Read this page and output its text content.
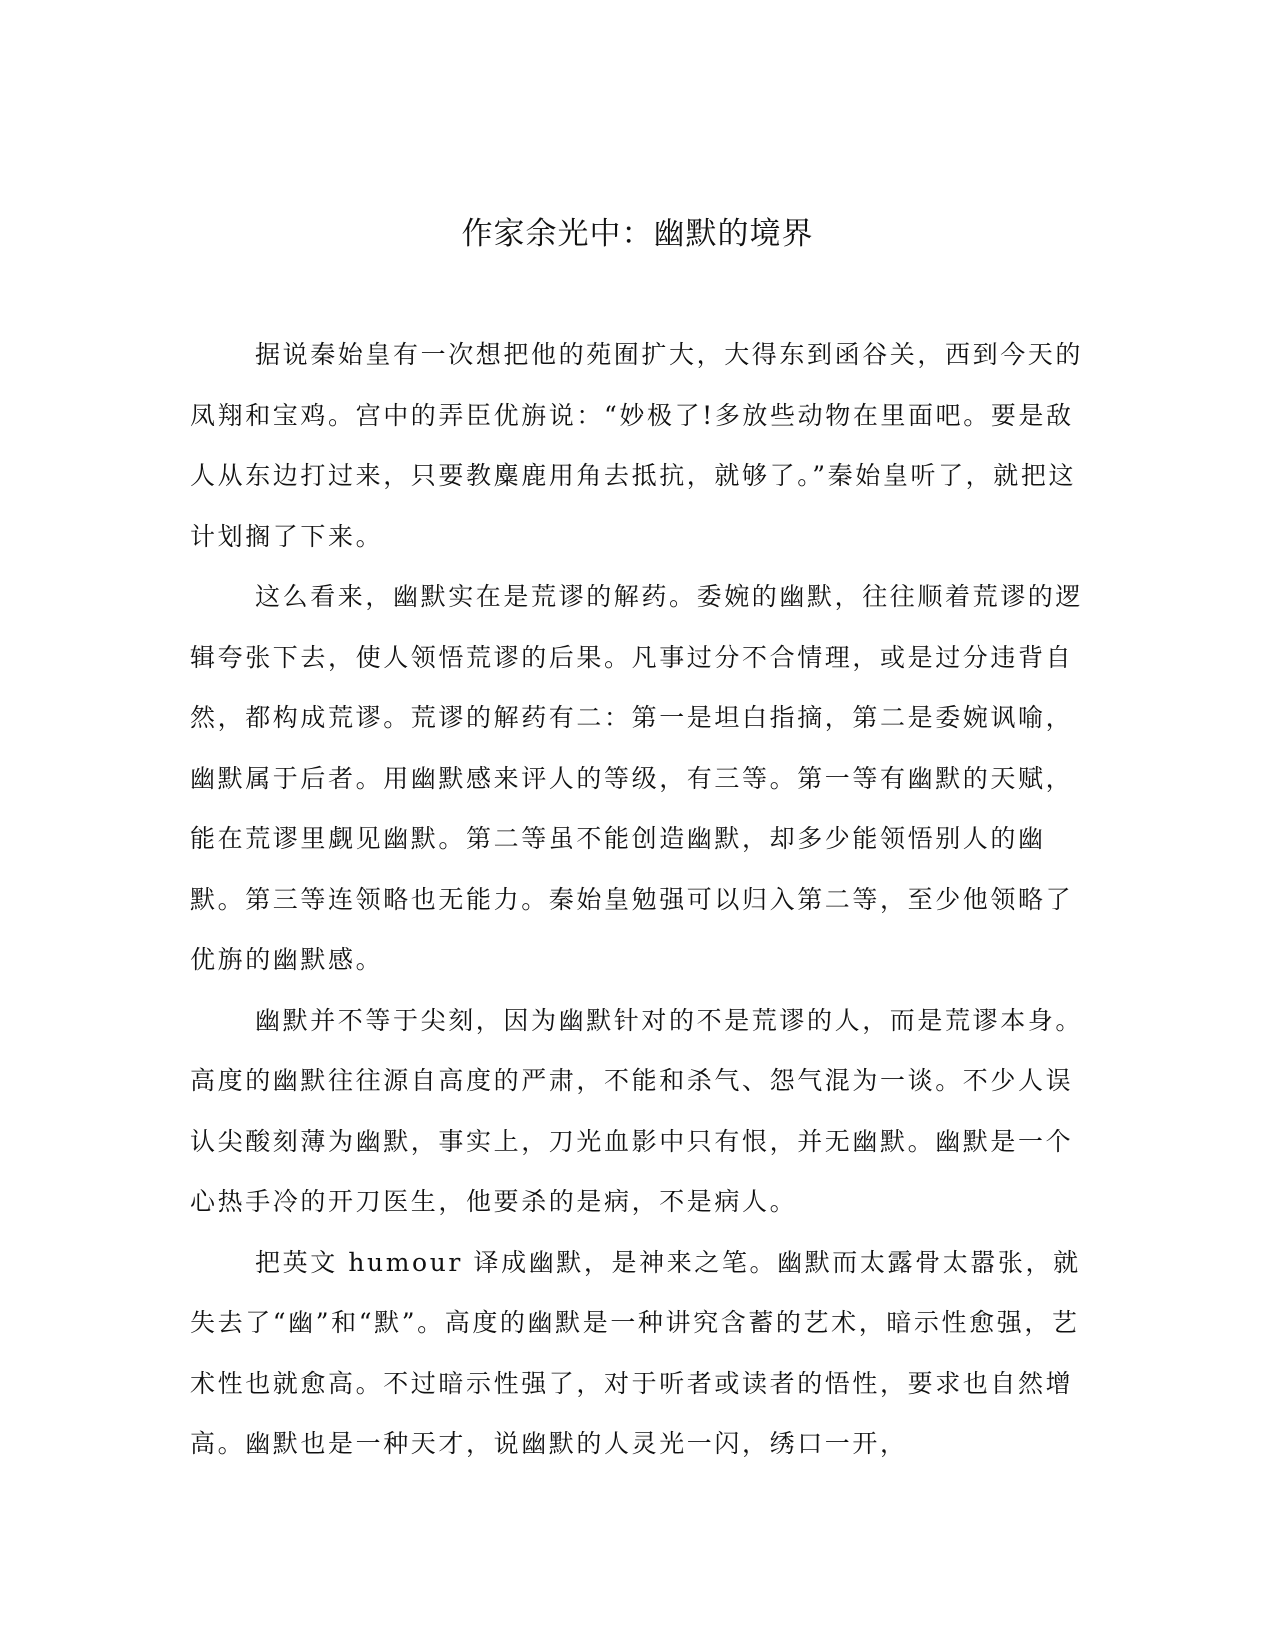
作家余光中：幽默的境界

据说秦始皇有一次想把他的苑囿扩大，大得东到函谷关，西到今天的凤翔和宝鸡。宫中的弄臣优旃说：“妙极了!多放些动物在里面吧。要是敌人从东边打过来，只要教麋鹿用角去抵抗，就够了。”秦始皇听了，就把这计划搁了下来。

这么看来，幽默实在是荒谬的解药。委婉的幽默，往往顺着荒谬的逻辑夸张下去，使人领悟荒谬的后果。凡事过分不合情理，或是过分违背自然，都构成荒谬。荒谬的解药有二：第一是坦白指摘，第二是委婉讽喻，幽默属于后者。用幽默感来评人的等级，有三等。第一等有幽默的天赋，能在荒谬里觑见幽默。第二等虽不能创造幽默，却多少能领悟别人的幽默。第三等连领略也无能力。秦始皇勉强可以归入第二等，至少他领略了优旃的幽默感。

幽默并不等于尖刻，因为幽默针对的不是荒谬的人，而是荒谬本身。高度的幽默往往源自高度的严肃，不能和杀气、怨气混为一谈。不少人误认尖酸刻薄为幽默，事实上，刀光血影中只有恨，并无幽默。幽默是一个心热手冷的开刀医生，他要杀的是病，不是病人。

把英文 humour 译成幽默，是神来之笔。幽默而太露骨太嚣张，就失去了“幽”和“默”。高度的幽默是一种讲究含蓄的艺术，暗示性愈强，艺术性也就愈高。不过暗示性强了，对于听者或读者的悟性，要求也自然增高。幽默也是一种天才，说幽默的人灵光一闪，绣口一开，
